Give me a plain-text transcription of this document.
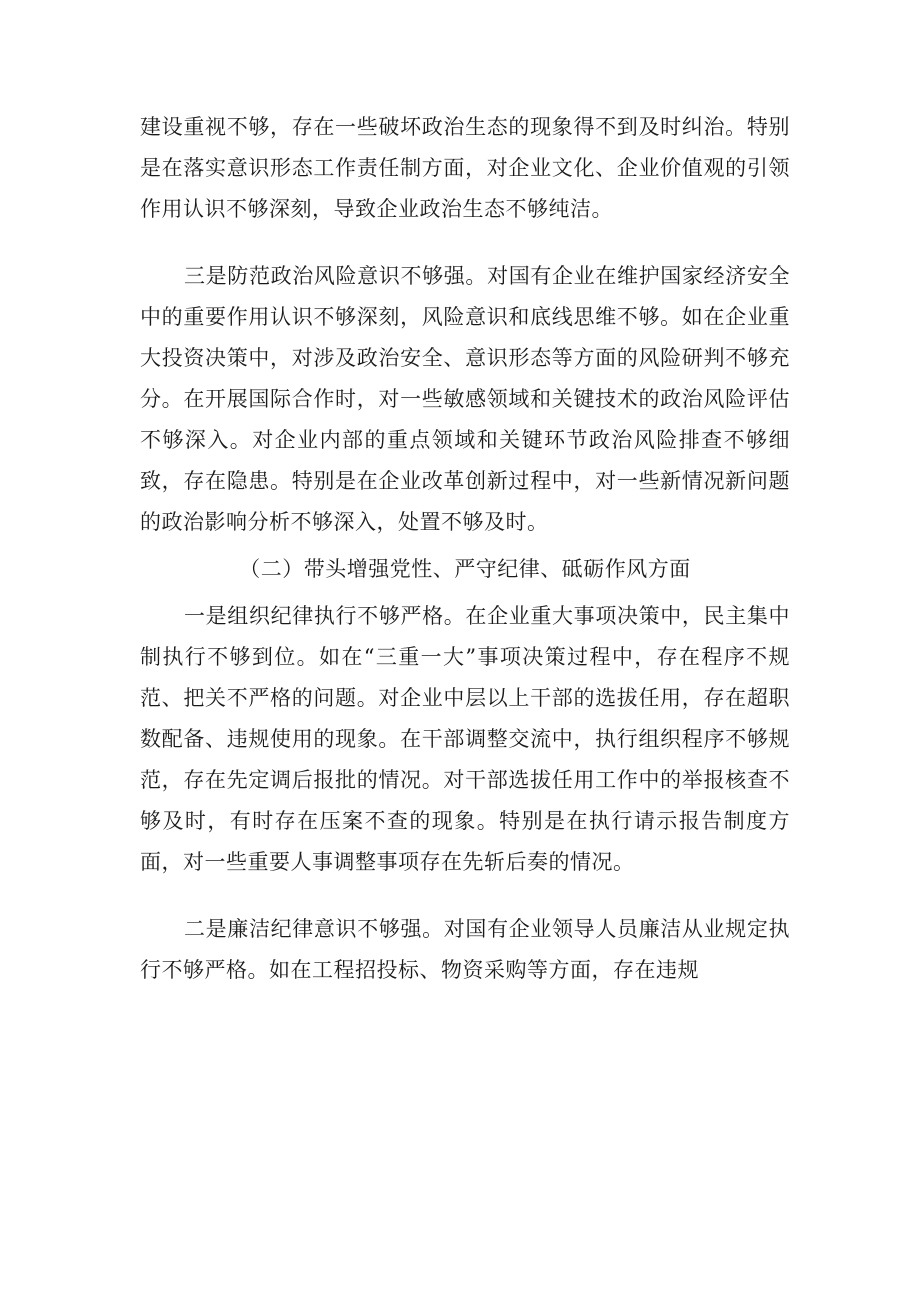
建设重视不够，存在一些破坏政治生态的现象得不到及时纠治。特别是在落实意识形态工作责任制方面，对企业文化、企业价值观的引领作用认识不够深刻，导致企业政治生态不够纯洁。

三是防范政治风险意识不够强。对国有企业在维护国家经济安全中的重要作用认识不够深刻，风险意识和底线思维不够。如在企业重大投资决策中，对涉及政治安全、意识形态等方面的风险研判不够充分。在开展国际合作时，对一些敏感领域和关键技术的政治风险评估不够深入。对企业内部的重点领域和关键环节政治风险排查不够细致，存在隐患。特别是在企业改革创新过程中，对一些新情况新问题的政治影响分析不够深入，处置不够及时。

（二）带头增强党性、严守纪律、砥砺作风方面

一是组织纪律执行不够严格。在企业重大事项决策中，民主集中制执行不够到位。如在“三重一大”事项决策过程中，存在程序不规范、把关不严格的问题。对企业中层以上干部的选拔任用，存在超职数配备、违规使用的现象。在干部调整交流中，执行组织程序不够规范，存在先定调后报批的情况。对干部选拔任用工作中的举报核查不够及时，有时存在压案不查的现象。特别是在执行请示报告制度方面，对一些重要人事调整事项存在先斩后奏的情况。

二是廉洁纪律意识不够强。对国有企业领导人员廉洁从业规定执行不够严格。如在工程招投标、物资采购等方面，存在违规
